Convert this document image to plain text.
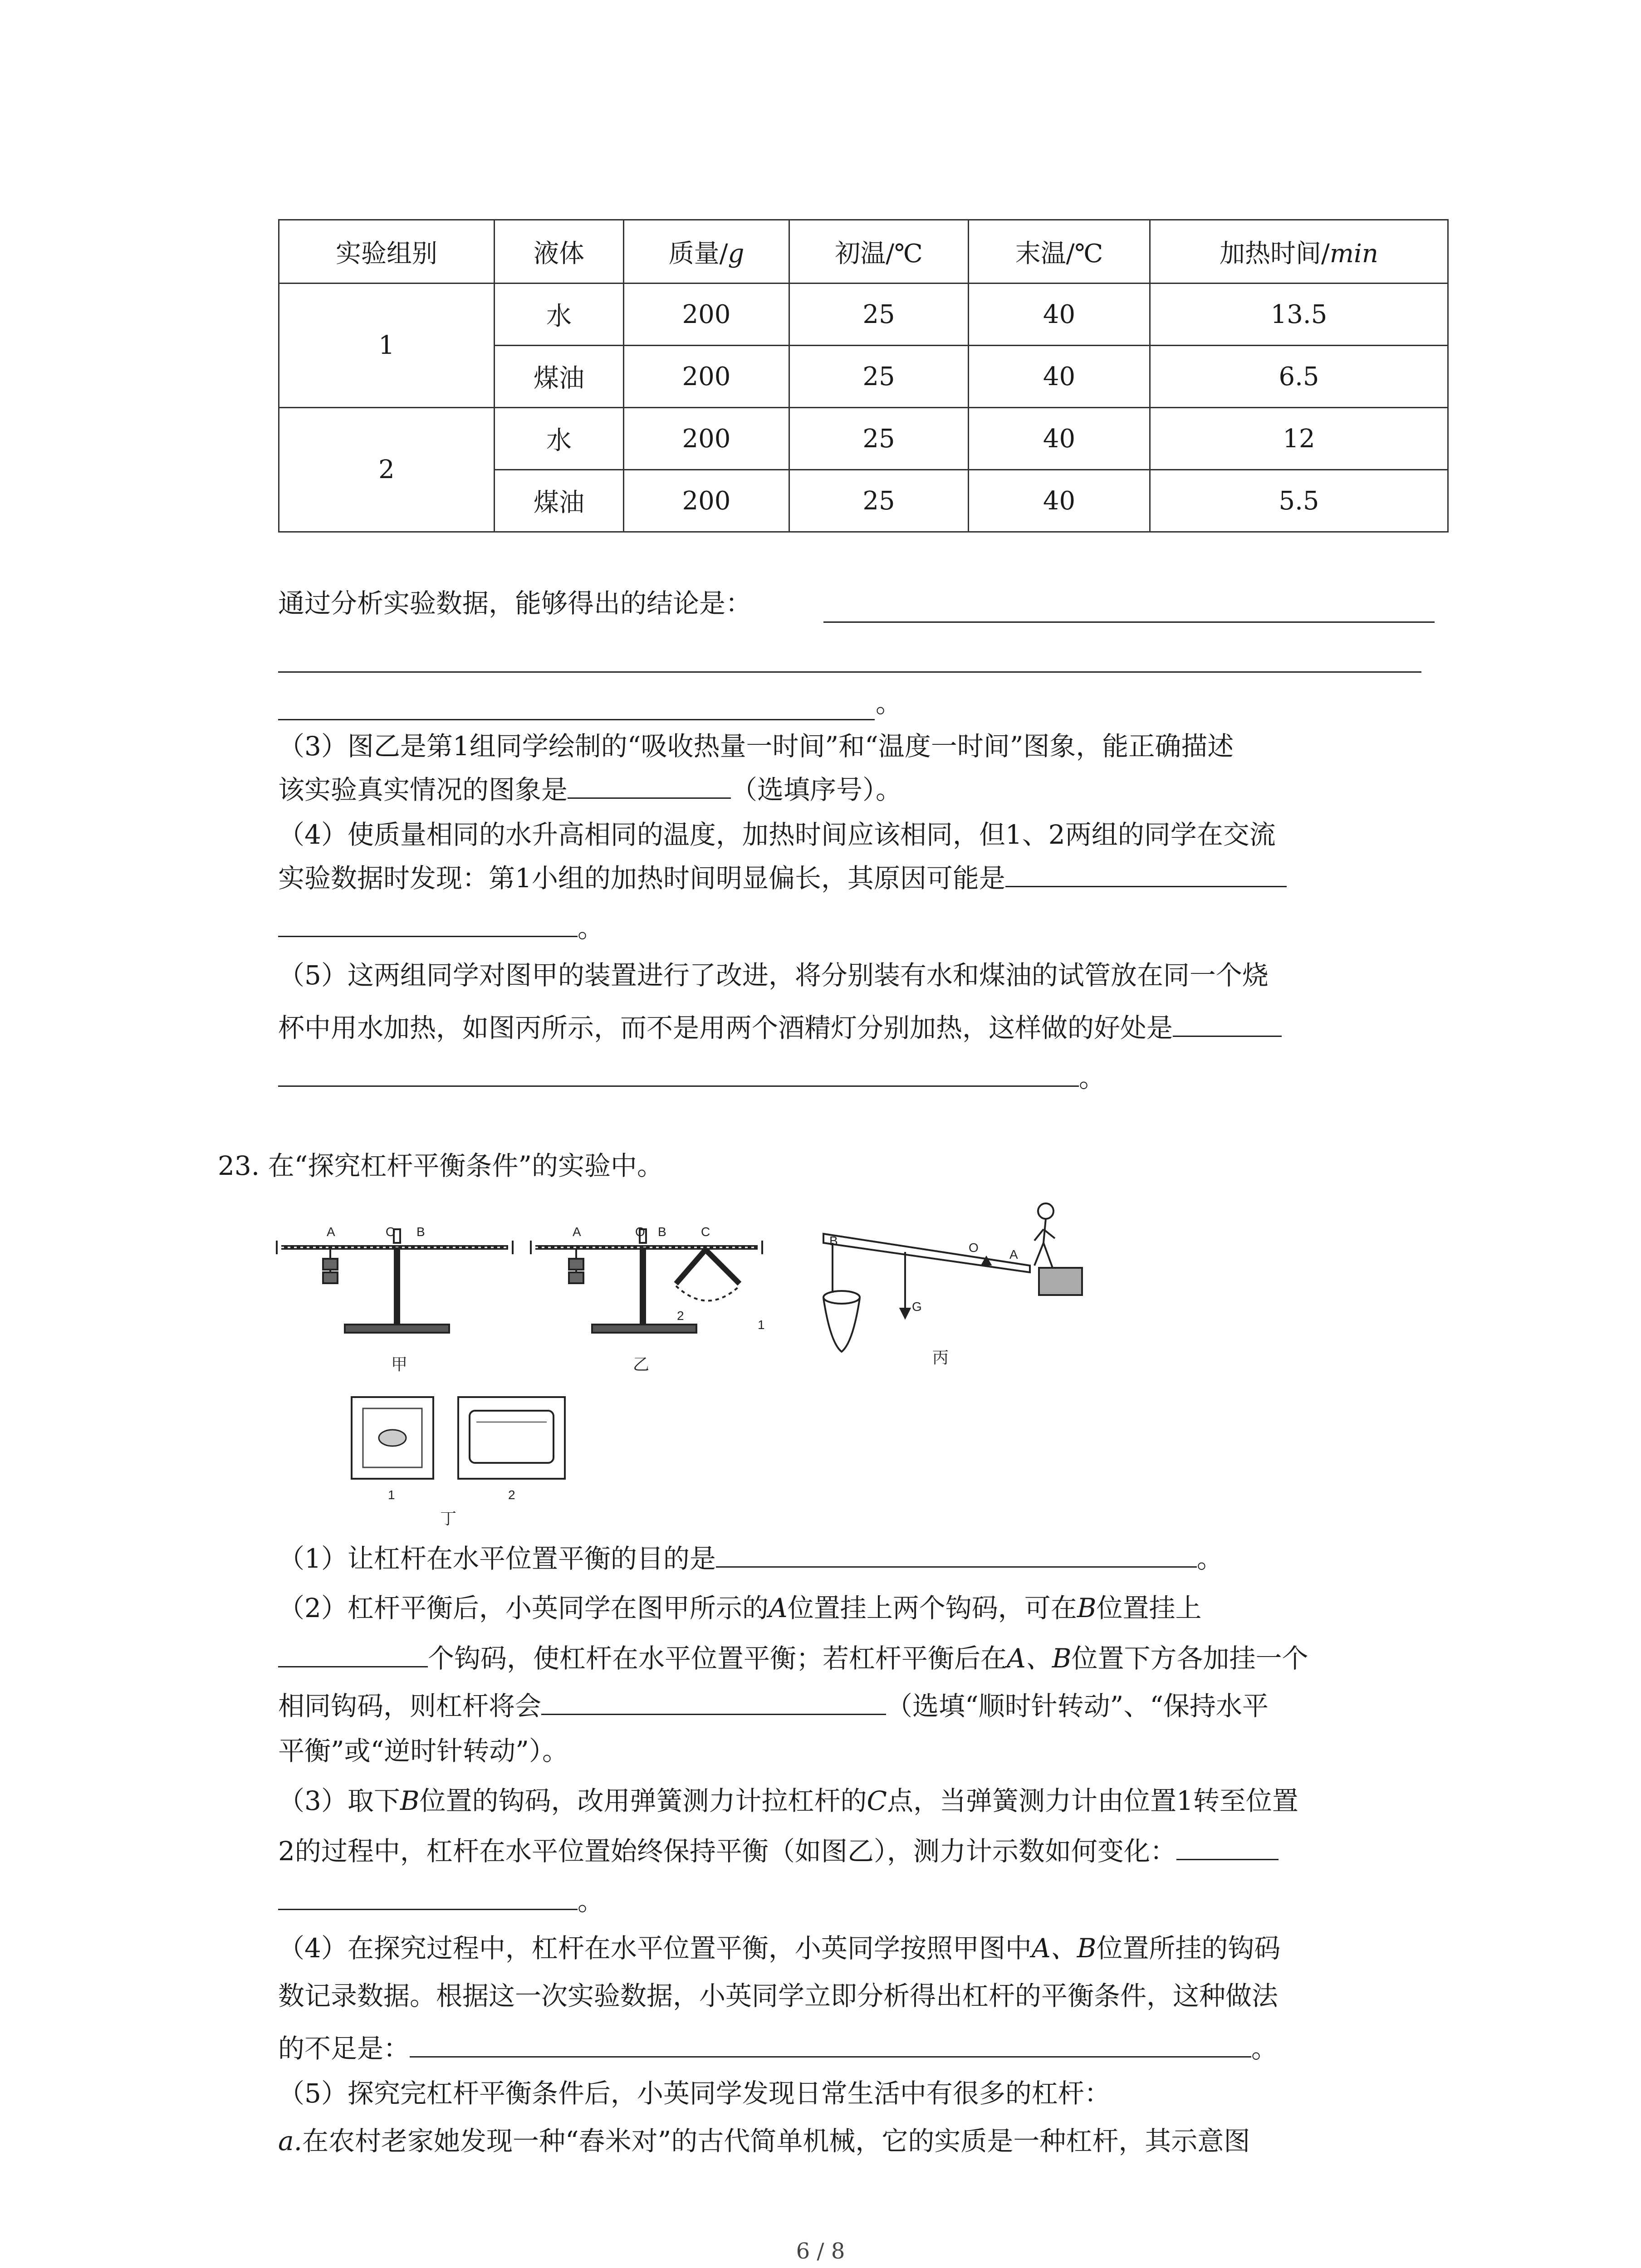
实验组别	液体	质量/g	初温/℃	末温/℃	加热时间/min
1	水	200	25	40	13.5
	煤油	200	25	40	6.5
2	水	200	25	40	12
	煤油	200	25	40	5.5
通过分析实验数据，能够得出的结论是：
。
（3）图乙是第1组同学绘制的“吸收热量一时间”和“温度一时间”图象，能正确描述
该实验真实情况的图象是	（选填序号）。
（4）使质量相同的水升高相同的温度，加热时间应该相同，但1、2两组的同学在交流
实验数据时发现：第1小组的加热时间明显偏长，其原因可能是
。
（5）这两组同学对图甲的装置进行了改进，将分别装有水和煤油的试管放在同一个烧
杯中用水加热，如图丙所示，而不是用两个酒精灯分别加热，这样做的好处是
。
23. 在“探究杠杆平衡条件”的实验中。
A	O B
甲
A	O B	C
2
1
乙
B	O A
G
丙
1	2
丁
（1）让杠杆在水平位置平衡的目的是	。
（2）杠杆平衡后，小英同学在图甲所示的A位置挂上两个钩码，可在B位置挂上
个钩码，使杠杆在水平位置平衡；若杠杆平衡后在A、B位置下方各加挂一个
相同钩码，则杠杆将会	（选填“顺时针转动”、“保持水平
平衡”或“逆时针转动”）。
（3）取下B位置的钩码，改用弹簧测力计拉杠杆的C点，当弹簧测力计由位置1转至位置
2的过程中，杠杆在水平位置始终保持平衡（如图乙），测力计示数如何变化：
。
（4）在探究过程中，杠杆在水平位置平衡，小英同学按照甲图中A、B位置所挂的钩码
数记录数据。根据这一次实验数据，小英同学立即分析得出杠杆的平衡条件，这种做法
的不足是：	。
（5）探究完杠杆平衡条件后，小英同学发现日常生活中有很多的杠杆：
a.在农村老家她发现一种“舂米对”的古代简单机械，它的实质是一种杠杆，其示意图
6 / 8
